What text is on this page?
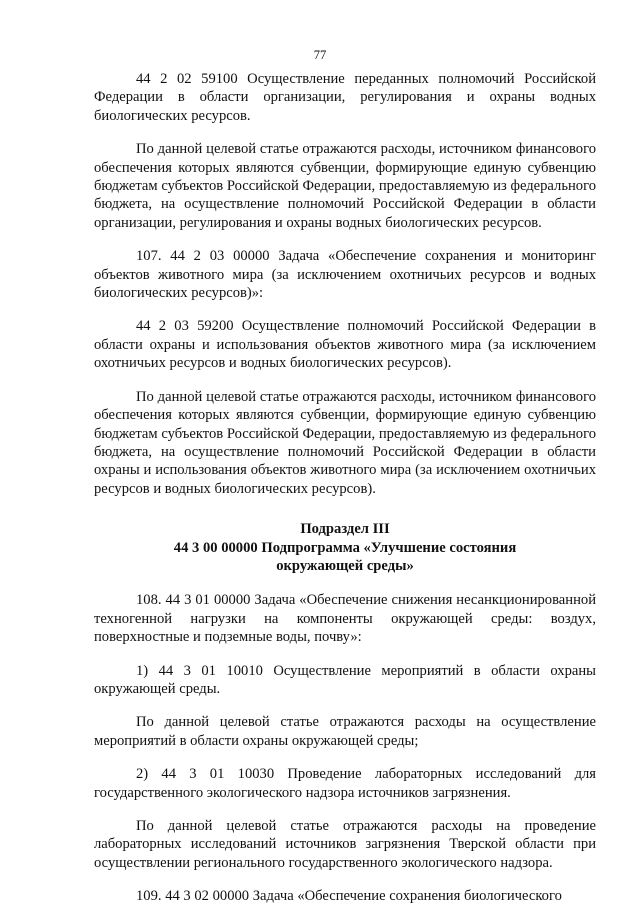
77

44 2 02 59100 Осуществление переданных полномочий Российской Федерации в области организации, регулирования и охраны водных биологических ресурсов.

По данной целевой статье отражаются расходы, источником финансового обеспечения которых являются субвенции, формирующие единую субвенцию бюджетам субъектов Российской Федерации, предоставляемую из федерального бюджета, на осуществление полномочий Российской Федерации в области организации, регулирования и охраны водных биологических ресурсов.

107. 44 2 03 00000 Задача «Обеспечение сохранения и мониторинг объектов животного мира (за исключением охотничьих ресурсов и водных биологических ресурсов)»:

44 2 03 59200 Осуществление полномочий Российской Федерации в области охраны и использования объектов животного мира (за исключением охотничьих ресурсов и водных биологических ресурсов).

По данной целевой статье отражаются расходы, источником финансового обеспечения которых являются субвенции, формирующие единую субвенцию бюджетам субъектов Российской Федерации, предоставляемую из федерального бюджета, на осуществление полномочий Российской Федерации в области охраны и использования объектов животного мира (за исключением охотничьих ресурсов и водных биологических ресурсов).

Подраздел III

44 3 00 00000 Подпрограмма «Улучшение состояния

окружающей среды»

108. 44 3 01 00000 Задача «Обеспечение снижения несанкционированной техногенной нагрузки на компоненты окружающей среды: воздух, поверхностные и подземные воды, почву»:

1) 44 3 01 10010 Осуществление мероприятий в области охраны окружающей среды.

По данной целевой статье отражаются расходы на осуществление мероприятий в области охраны окружающей среды;

2) 44 3 01 10030 Проведение лабораторных исследований для государственного экологического надзора источников загрязнения.

По данной целевой статье отражаются расходы на проведение лабораторных исследований источников загрязнения Тверской области при осуществлении регионального государственного экологического надзора.

109. 44 3 02 00000 Задача «Обеспечение сохранения биологического
